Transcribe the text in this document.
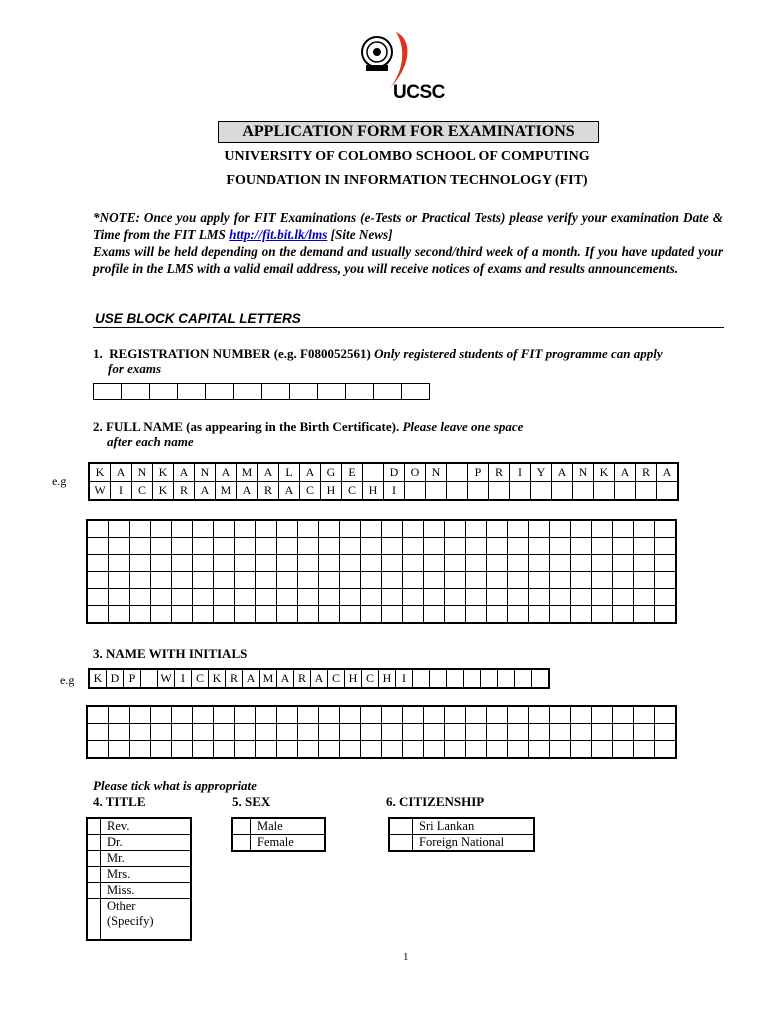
UCSC
APPLICATION FORM FOR EXAMINATIONS
UNIVERSITY OF COLOMBO SCHOOL OF COMPUTING
FOUNDATION IN INFORMATION TECHNOLOGY (FIT)
*NOTE: Once you apply for FIT Examinations (e-Tests or Practical Tests) please verify your examination Date & Time from the FIT LMS http://fit.bit.lk/lms [Site News]
Exams will be held depending on the demand and usually second/third week of a month. If you have updated your profile in the LMS with a valid email address, you will receive notices of exams and results announcements.
USE BLOCK CAPITAL LETTERS
1. REGISTRATION NUMBER (e.g. F080052561) Only registered students of FIT programme can apply
for exams

2. FULL NAME (as appearing in the Birth Certificate). Please leave one space
after each name
e.g
K	A	N	K	A	N	A	M	A	L	A	G	E		D	O	N		P	R	I	Y	A	N	K	A	R	A
W	I	C	K	R	A	M	A	R	A	C	H	C	H	I													

3. NAME WITH INITIALS
e.g K	D	P		W	I	C	K	R	A	M	A	R	A	C	H	C	H	I								

Please tick what is appropriate
4. TITLE	5. SEX	6. CITIZENSHIP
	Rev.
	Dr.
	Mr.
	Mrs.
	Miss.
	Other
(Specify)
	Male
	Female
	Sri Lankan
	Foreign National
1
